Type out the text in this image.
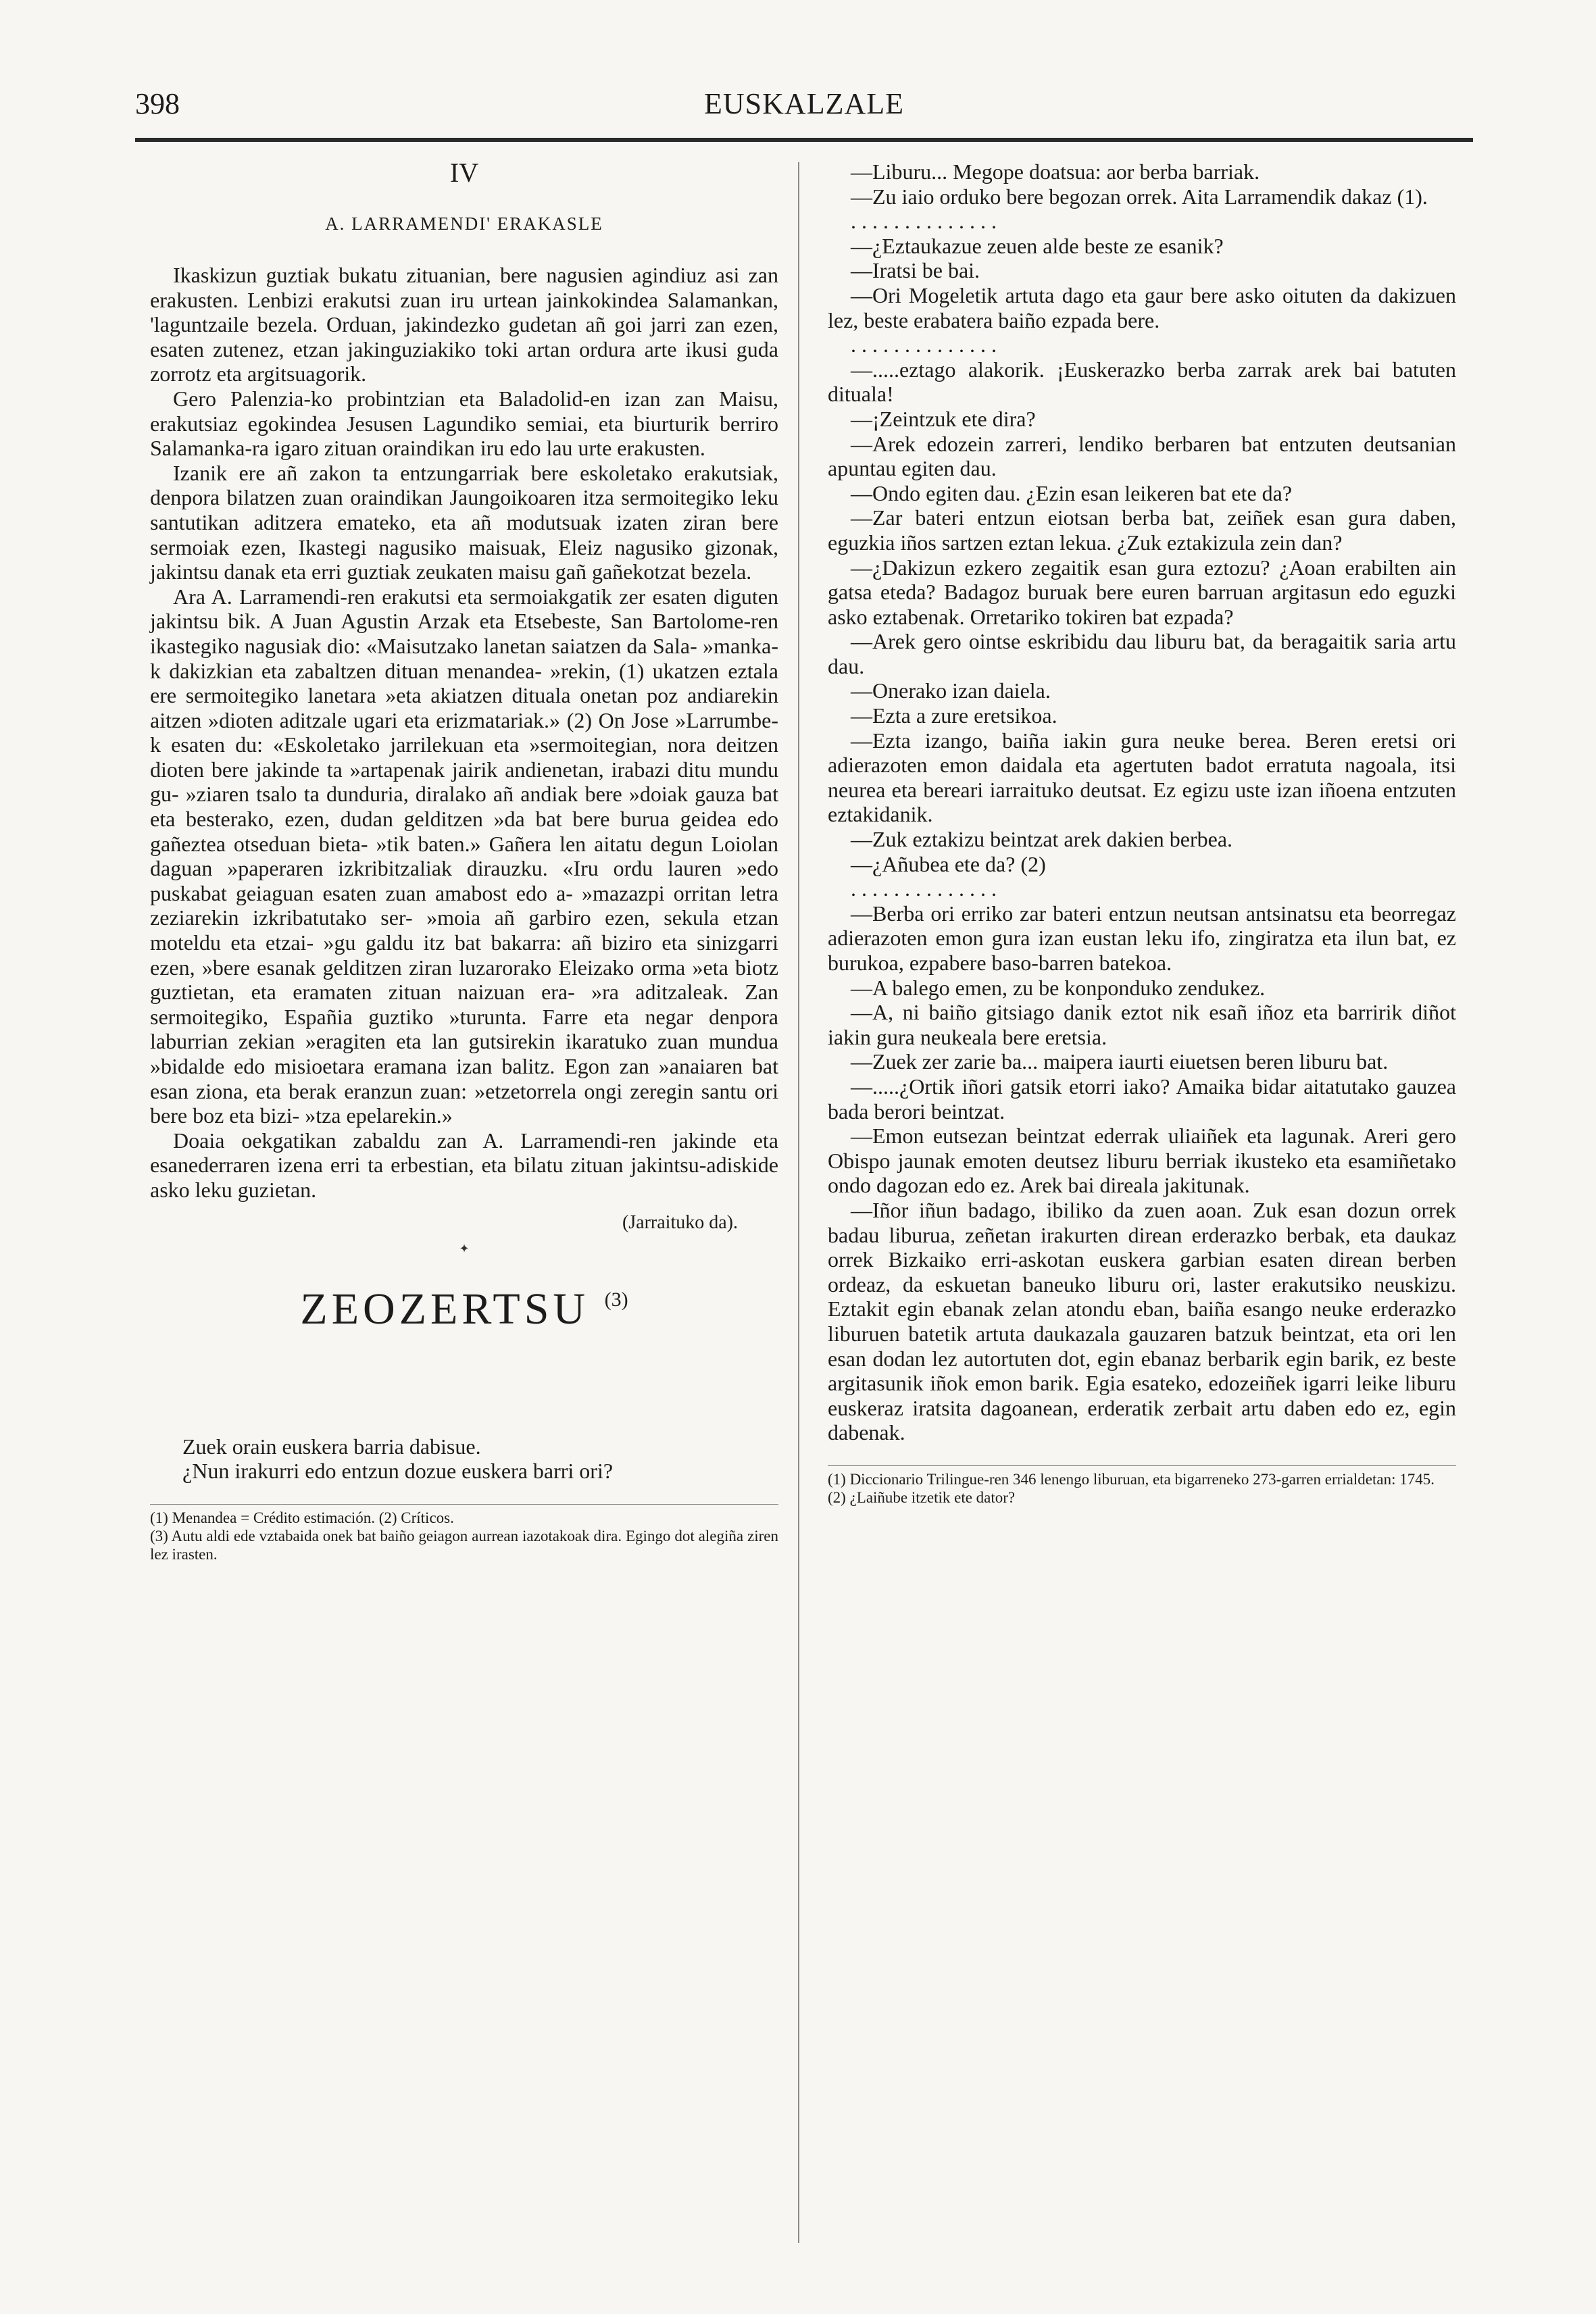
398	EUSKALZALE
IV
A. LARRAMENDI' ERAKASLE

Ikaskizun guztiak bukatu zituanian, bere nagusien agindiuz asi zan erakusten. Lenbizi erakutsi zuan iru urtean jainkokindea Salamankan, 'laguntzaile bezela. Orduan, jakindezko gudetan añ goi jarri zan ezen, esaten zutenez, etzan jakinguziakiko toki artan ordura arte ikusi guda zorrotz eta argitsuagorik.

Gero Palenzia-ko probintzian eta Baladolid-en izan zan Maisu, erakutsiaz egokindea Jesusen Lagundiko semiai, eta biurturik berriro Salamanka-ra igaro zituan oraindikan iru edo lau urte erakusten.

Izanik ere añ zakon ta entzungarriak bere eskoletako erakutsiak, denpora bilatzen zuan oraindikan Jaungoikoaren itza sermoitegiko leku santutikan aditzera emateko, eta añ modutsuak izaten ziran bere sermoiak ezen, Ikastegi nagusiko maisuak, Eleiz nagusiko gizonak, jakintsu danak eta erri guztiak zeukaten maisu gañ gañekotzat bezela.

Ara A. Larramendi-ren erakutsi eta sermoiakgatik zer esaten diguten jakintsu bik. A Juan Agustin Arzak eta Etsebeste, San Bartolome-ren ikastegiko nagusiak dio: «Maisutzako lanetan saiatzen da Sala- »manka-k dakizkian eta zabaltzen dituan menandea- »rekin, (1) ukatzen eztala ere sermoitegiko lanetara »eta akiatzen dituala onetan poz andiarekin aitzen »dioten aditzale ugari eta erizmatariak.» (2) On Jose »Larrumbe-k esaten du: «Eskoletako jarrilekuan eta »sermoitegian, nora deitzen dioten bere jakinde ta »artapenak jairik andienetan, irabazi ditu mundu gu- »ziaren tsalo ta dunduria, diralako añ andiak bere »doiak gauza bat eta besterako, ezen, dudan gelditzen »da bat bere burua geidea edo gañeztea otseduan bieta- »tik baten.» Gañera len aitatu degun Loiolan daguan »paperaren izkribitzaliak dirauzku. «Iru ordu lauren »edo puskabat geiaguan esaten zuan amabost edo a- »mazazpi orritan letra zeziarekin izkribatutako ser- »moia añ garbiro ezen, sekula etzan moteldu eta etzai- »gu galdu itz bat bakarra: añ biziro eta sinizgarri ezen, »bere esanak gelditzen ziran luzarorako Eleizako orma »eta biotz guztietan, eta eramaten zituan naizuan era- »ra aditzaleak. Zan sermoitegiko, Españia guztiko »turunta. Farre eta negar denpora laburrian zekian »eragiten eta lan gutsirekin ikaratuko zuan mundua »bidalde edo misioetara eramana izan balitz. Egon zan »anaiaren bat esan ziona, eta berak eranzun zuan: »etzetorrela ongi zeregin santu ori bere boz eta bizi- »tza epelarekin.»

Doaia oekgatikan zabaldu zan A. Larramendi-ren jakinde eta esanederraren izena erri ta erbestian, eta bilatu zituan jakintsu-adiskide asko leku guzietan.

(Jarraituko da).
✦
ZEOZERTSU $^{(3)}$
Zuek orain euskera barria dabisue.
¿Nun irakurri edo entzun dozue euskera barri ori?
(1) Menandea = Crédito estimación. (2) Críticos.
(3) Autu aldi ede vztabaida onek bat baiño geiagon aurrean iazotakoak dira. Egingo dot alegiña ziren lez irasten.

—Liburu... Megope doatsua: aor berba barriak.

—Zu iaio orduko bere begozan orrek. Aita Larramendik dakaz (1).

. . . . . . . . . . . . . .

—¿Eztaukazue zeuen alde beste ze esanik?

—Iratsi be bai.

—Ori Mogeletik artuta dago eta gaur bere asko oituten da dakizuen lez, beste erabatera baiño ezpada bere.

. . . . . . . . . . . . . .

—.....eztago alakorik. ¡Euskerazko berba zarrak arek bai batuten dituala!

—¡Zeintzuk ete dira?

—Arek edozein zarreri, lendiko berbaren bat entzuten deutsanian apuntau egiten dau.

—Ondo egiten dau. ¿Ezin esan leikeren bat ete da?

—Zar bateri entzun eiotsan berba bat, zeiñek esan gura daben, eguzkia iños sartzen eztan lekua. ¿Zuk eztakizula zein dan?

—¿Dakizun ezkero zegaitik esan gura eztozu? ¿Aoan erabilten ain gatsa eteda? Badagoz buruak bere euren barruan argitasun edo eguzki asko eztabenak. Orretariko tokiren bat ezpada?

—Arek gero ointse eskribidu dau liburu bat, da beragaitik saria artu dau.

—Onerako izan daiela.

—Ezta a zure eretsikoa.

—Ezta izango, baiña iakin gura neuke berea. Beren eretsi ori adierazoten emon daidala eta agertuten badot erratuta nagoala, itsi neurea eta bereari iarraituko deutsat. Ez egizu uste izan iñoena entzuten eztakidanik.

—Zuk eztakizu beintzat arek dakien berbea.

—¿Añubea ete da? (2)

. . . . . . . . . . . . . .

—Berba ori erriko zar bateri entzun neutsan antsinatsu eta beorregaz adierazoten emon gura izan eustan leku ifo, zingiratza eta ilun bat, ez burukoa, ezpabere baso-barren batekoa.

—A balego emen, zu be konponduko zendukez.

—A, ni baiño gitsiago danik eztot nik esañ iñoz eta barririk diñot iakin gura neukeala bere eretsia.

—Zuek zer zarie ba... maipera iaurti eiuetsen beren liburu bat.

—.....¿Ortik iñori gatsik etorri iako? Amaika bidar aitatutako gauzea bada berori beintzat.

—Emon eutsezan beintzat ederrak uliaiñek eta lagunak. Areri gero Obispo jaunak emoten deutsez liburu berriak ikusteko eta esamiñetako ondo dagozan edo ez. Arek bai direala jakitunak.

—Iñor iñun badago, ibiliko da zuen aoan. Zuk esan dozun orrek badau liburua, zeñetan irakurten direan erderazko berbak, eta daukaz orrek Bizkaiko erri-askotan euskera garbian esaten direan berben ordeaz, da eskuetan baneuko liburu ori, laster erakutsiko neuskizu. Eztakit egin ebanak zelan atondu eban, baiña esango neuke erderazko liburuen batetik artuta daukazala gauzaren batzuk beintzat, eta ori len esan dodan lez autortuten dot, egin ebanaz berbarik egin barik, ez beste argitasunik iñok emon barik. Egia esateko, edozeiñek igarri leike liburu euskeraz iratsita dagoanean, erderatik zerbait artu daben edo ez, egin dabenak.

(1) Diccionario Trilingue-ren 346 lenengo liburuan, eta bigarreneko 273-garren errialdetan: 1745.
(2) ¿Laiñube itzetik ete dator?
